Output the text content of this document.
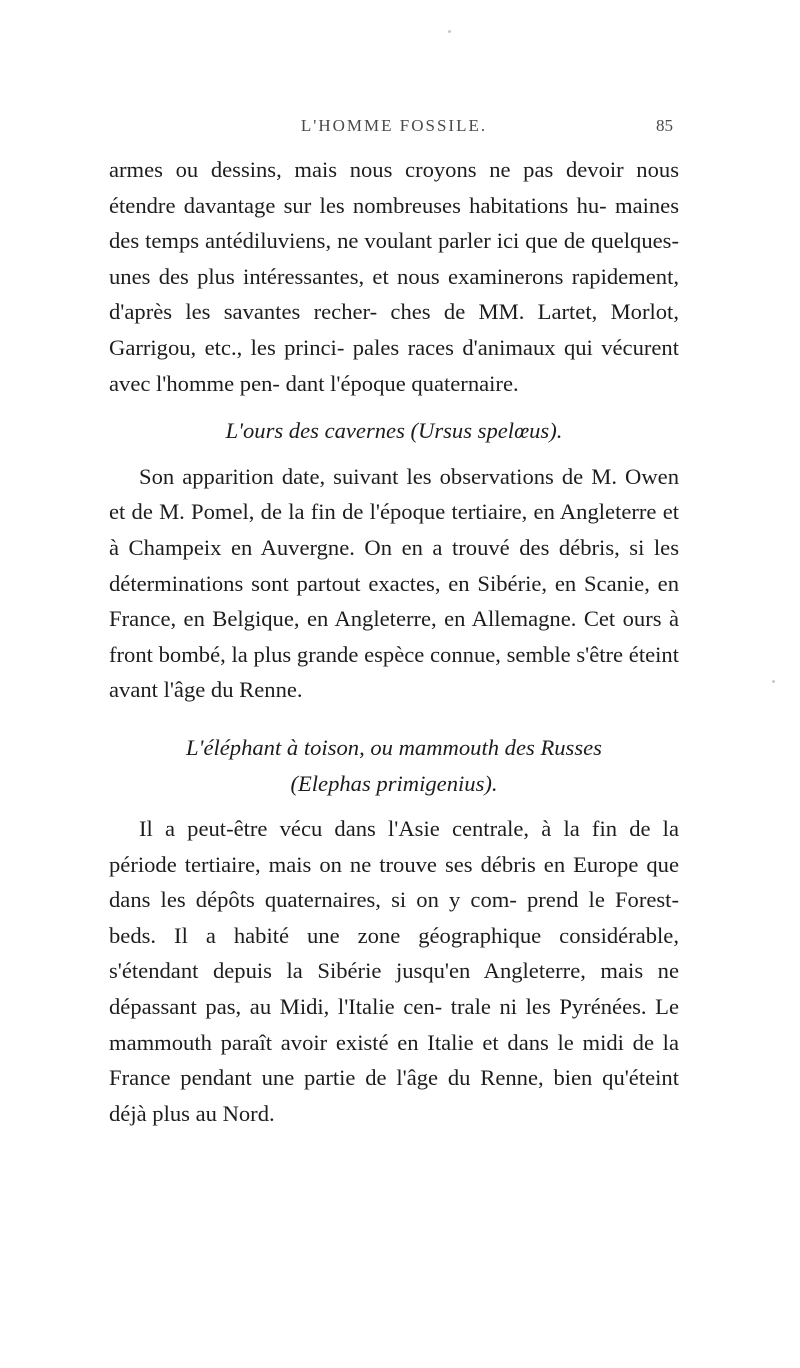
L'HOMME FOSSILE.	85

armes ou dessins, mais nous croyons ne pas devoir nous étendre davantage sur les nombreuses habitations hu- maines des temps antédiluviens, ne voulant parler ici que de quelques-unes des plus intéressantes, et nous examinerons rapidement, d'après les savantes recher- ches de MM. Lartet, Morlot, Garrigou, etc., les princi- pales races d'animaux qui vécurent avec l'homme pen- dant l'époque quaternaire.

L'ours des cavernes (Ursus spelœus).

Son apparition date, suivant les observations de M. Owen et de M. Pomel, de la fin de l'époque tertiaire, en Angleterre et à Champeix en Auvergne. On en a trouvé des débris, si les déterminations sont partout exactes, en Sibérie, en Scanie, en France, en Belgique, en Angleterre, en Allemagne. Cet ours à front bombé, la plus grande espèce connue, semble s'être éteint avant l'âge du Renne.

L'éléphant à toison, ou mammouth des Russes

(Elephas primigenius).

Il a peut-être vécu dans l'Asie centrale, à la fin de la période tertiaire, mais on ne trouve ses débris en Europe que dans les dépôts quaternaires, si on y com- prend le Forest-beds. Il a habité une zone géographique considérable, s'étendant depuis la Sibérie jusqu'en Angleterre, mais ne dépassant pas, au Midi, l'Italie cen- trale ni les Pyrénées. Le mammouth paraît avoir existé en Italie et dans le midi de la France pendant une partie de l'âge du Renne, bien qu'éteint déjà plus au Nord.
